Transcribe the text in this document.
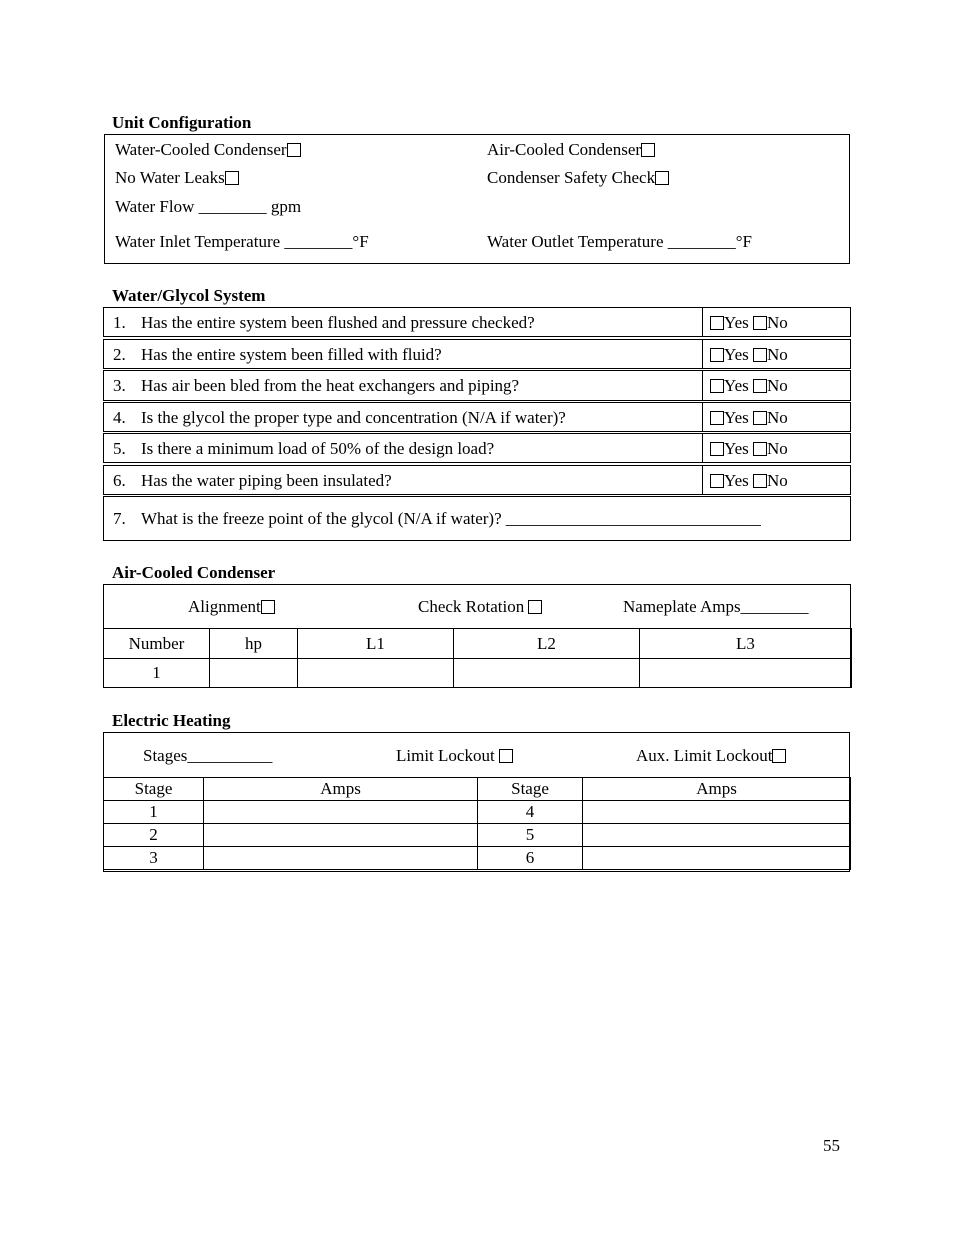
Unit Configuration
Water-Cooled Condenser	Air-Cooled Condenser
No Water Leaks	Condenser Safety Check
Water Flow ________ gpm
Water Inlet Temperature ________°F	Water Outlet Temperature ________°F
Water/Glycol System
1. Has the entire system been flushed and pressure checked?	Yes No
2. Has the entire system been filled with fluid?	Yes No
3. Has air been bled from the heat exchangers and piping?	Yes No
4. Is the glycol the proper type and concentration (N/A if water)?	Yes No
5. Is there a minimum load of 50% of the design load?	Yes No
6. Has the water piping been insulated?	Yes No
7. What is the freeze point of the glycol (N/A if water)? ______________________________
Air-Cooled Condenser
Alignment	Check Rotation	Nameplate Amps________
Number	hp	L1	L2	L3
1				
Electric Heating
Stages__________	Limit Lockout	Aux. Limit Lockout
Stage	Amps	Stage	Amps
1		4	
2		5	
3		6	
55
